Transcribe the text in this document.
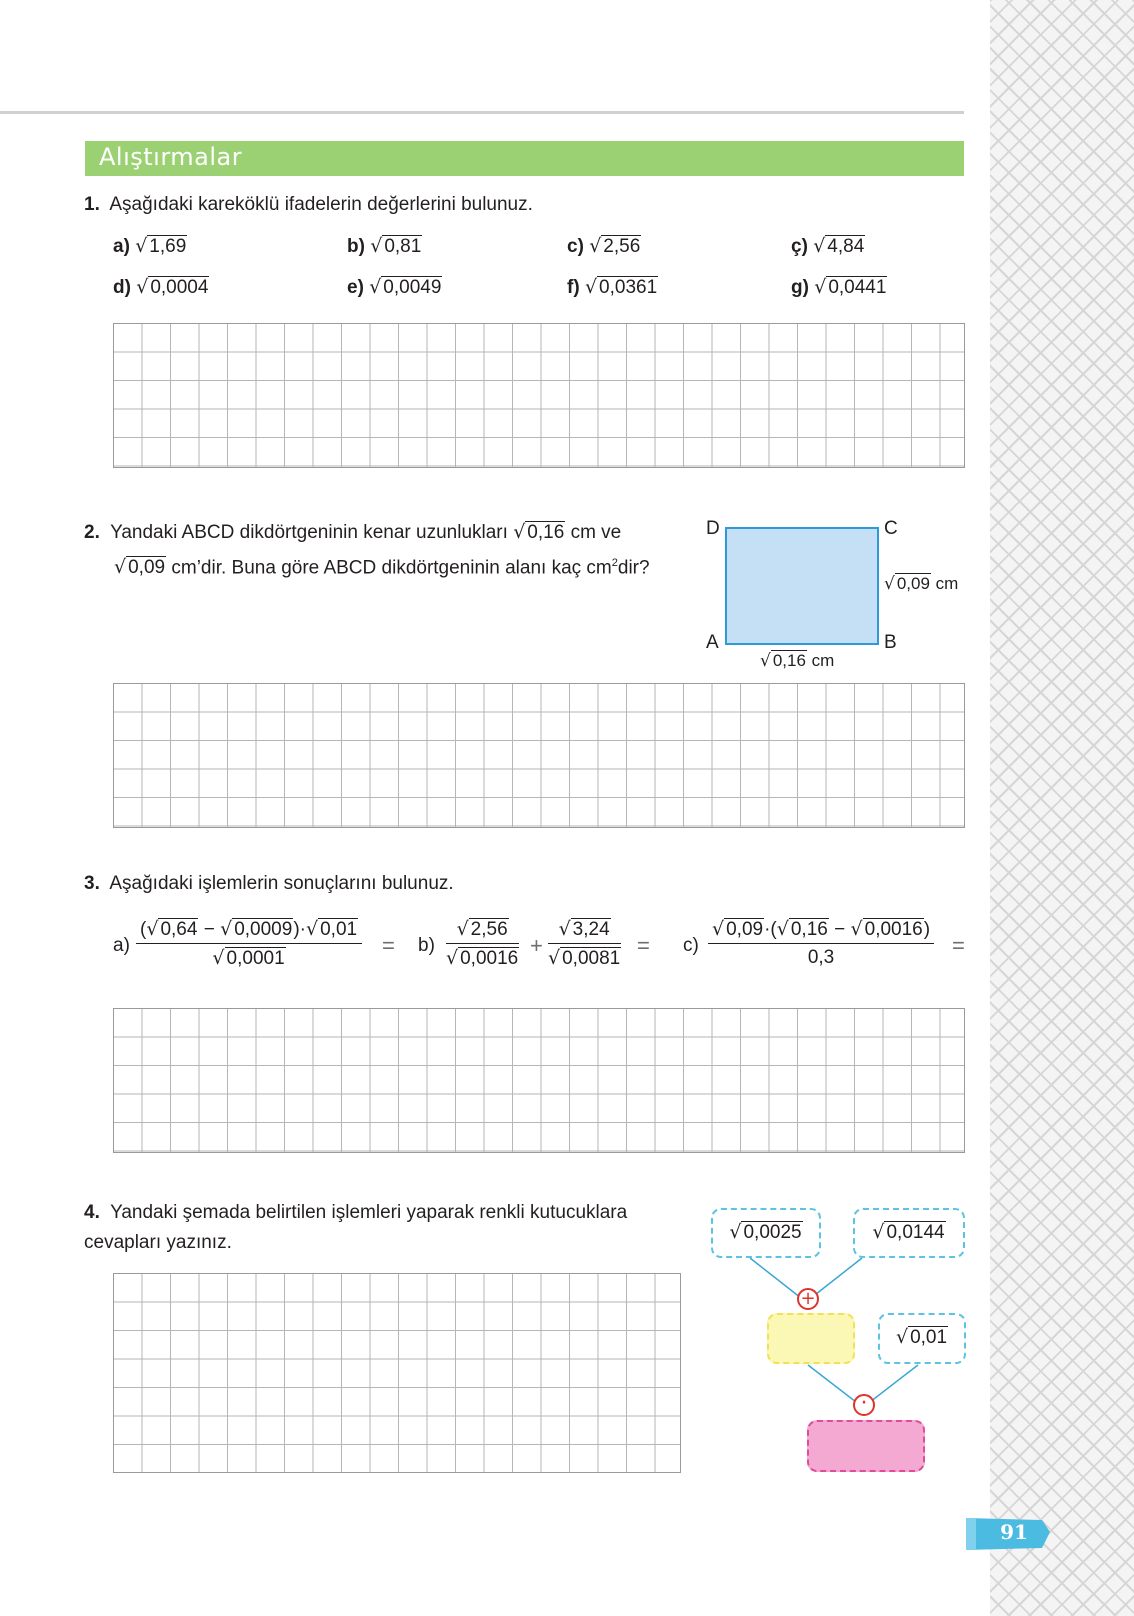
Alıştırmalar
1. Aşağıdaki kareköklü ifadelerin değerlerini bulunuz.
a) √ 1,69	b) √ 0,81	c) √ 2,56	ç) √ 4,84
d) √ 0,0004	e) √ 0,0049	f) √ 0,0361	g) √ 0,0441
2. Yandaki ABCD dikdörtgeninin kenar uzunlukları √ 0,16 cm ve
√ 0,09 cm’dir. Buna göre ABCD dikdörtgeninin alanı kaç $cm^2dir$?
D	C
A	B
√ 0,09 cm
√ 0,16 cm
3. Aşağıdaki işlemlerin sonuçlarını bulunuz.
$a) \frac{(√ 0,64 - √ 0,0009)\cdot√ 0,01}{√ 0,0001} = b) \frac{√ 2,56}{√ 0,0016} + \frac{√ 3,24}{√ 0,0081} = c) \frac{√ 0,09\cdot(√ 0,16 - √ 0,0016)}{0,3}$ =
4. Yandaki şemada belirtilen işlemleri yaparak renkli kutucuklara cevapları yazınız.	√ 0,0025	√ 0,0144
+
√ 0,01
·
91
